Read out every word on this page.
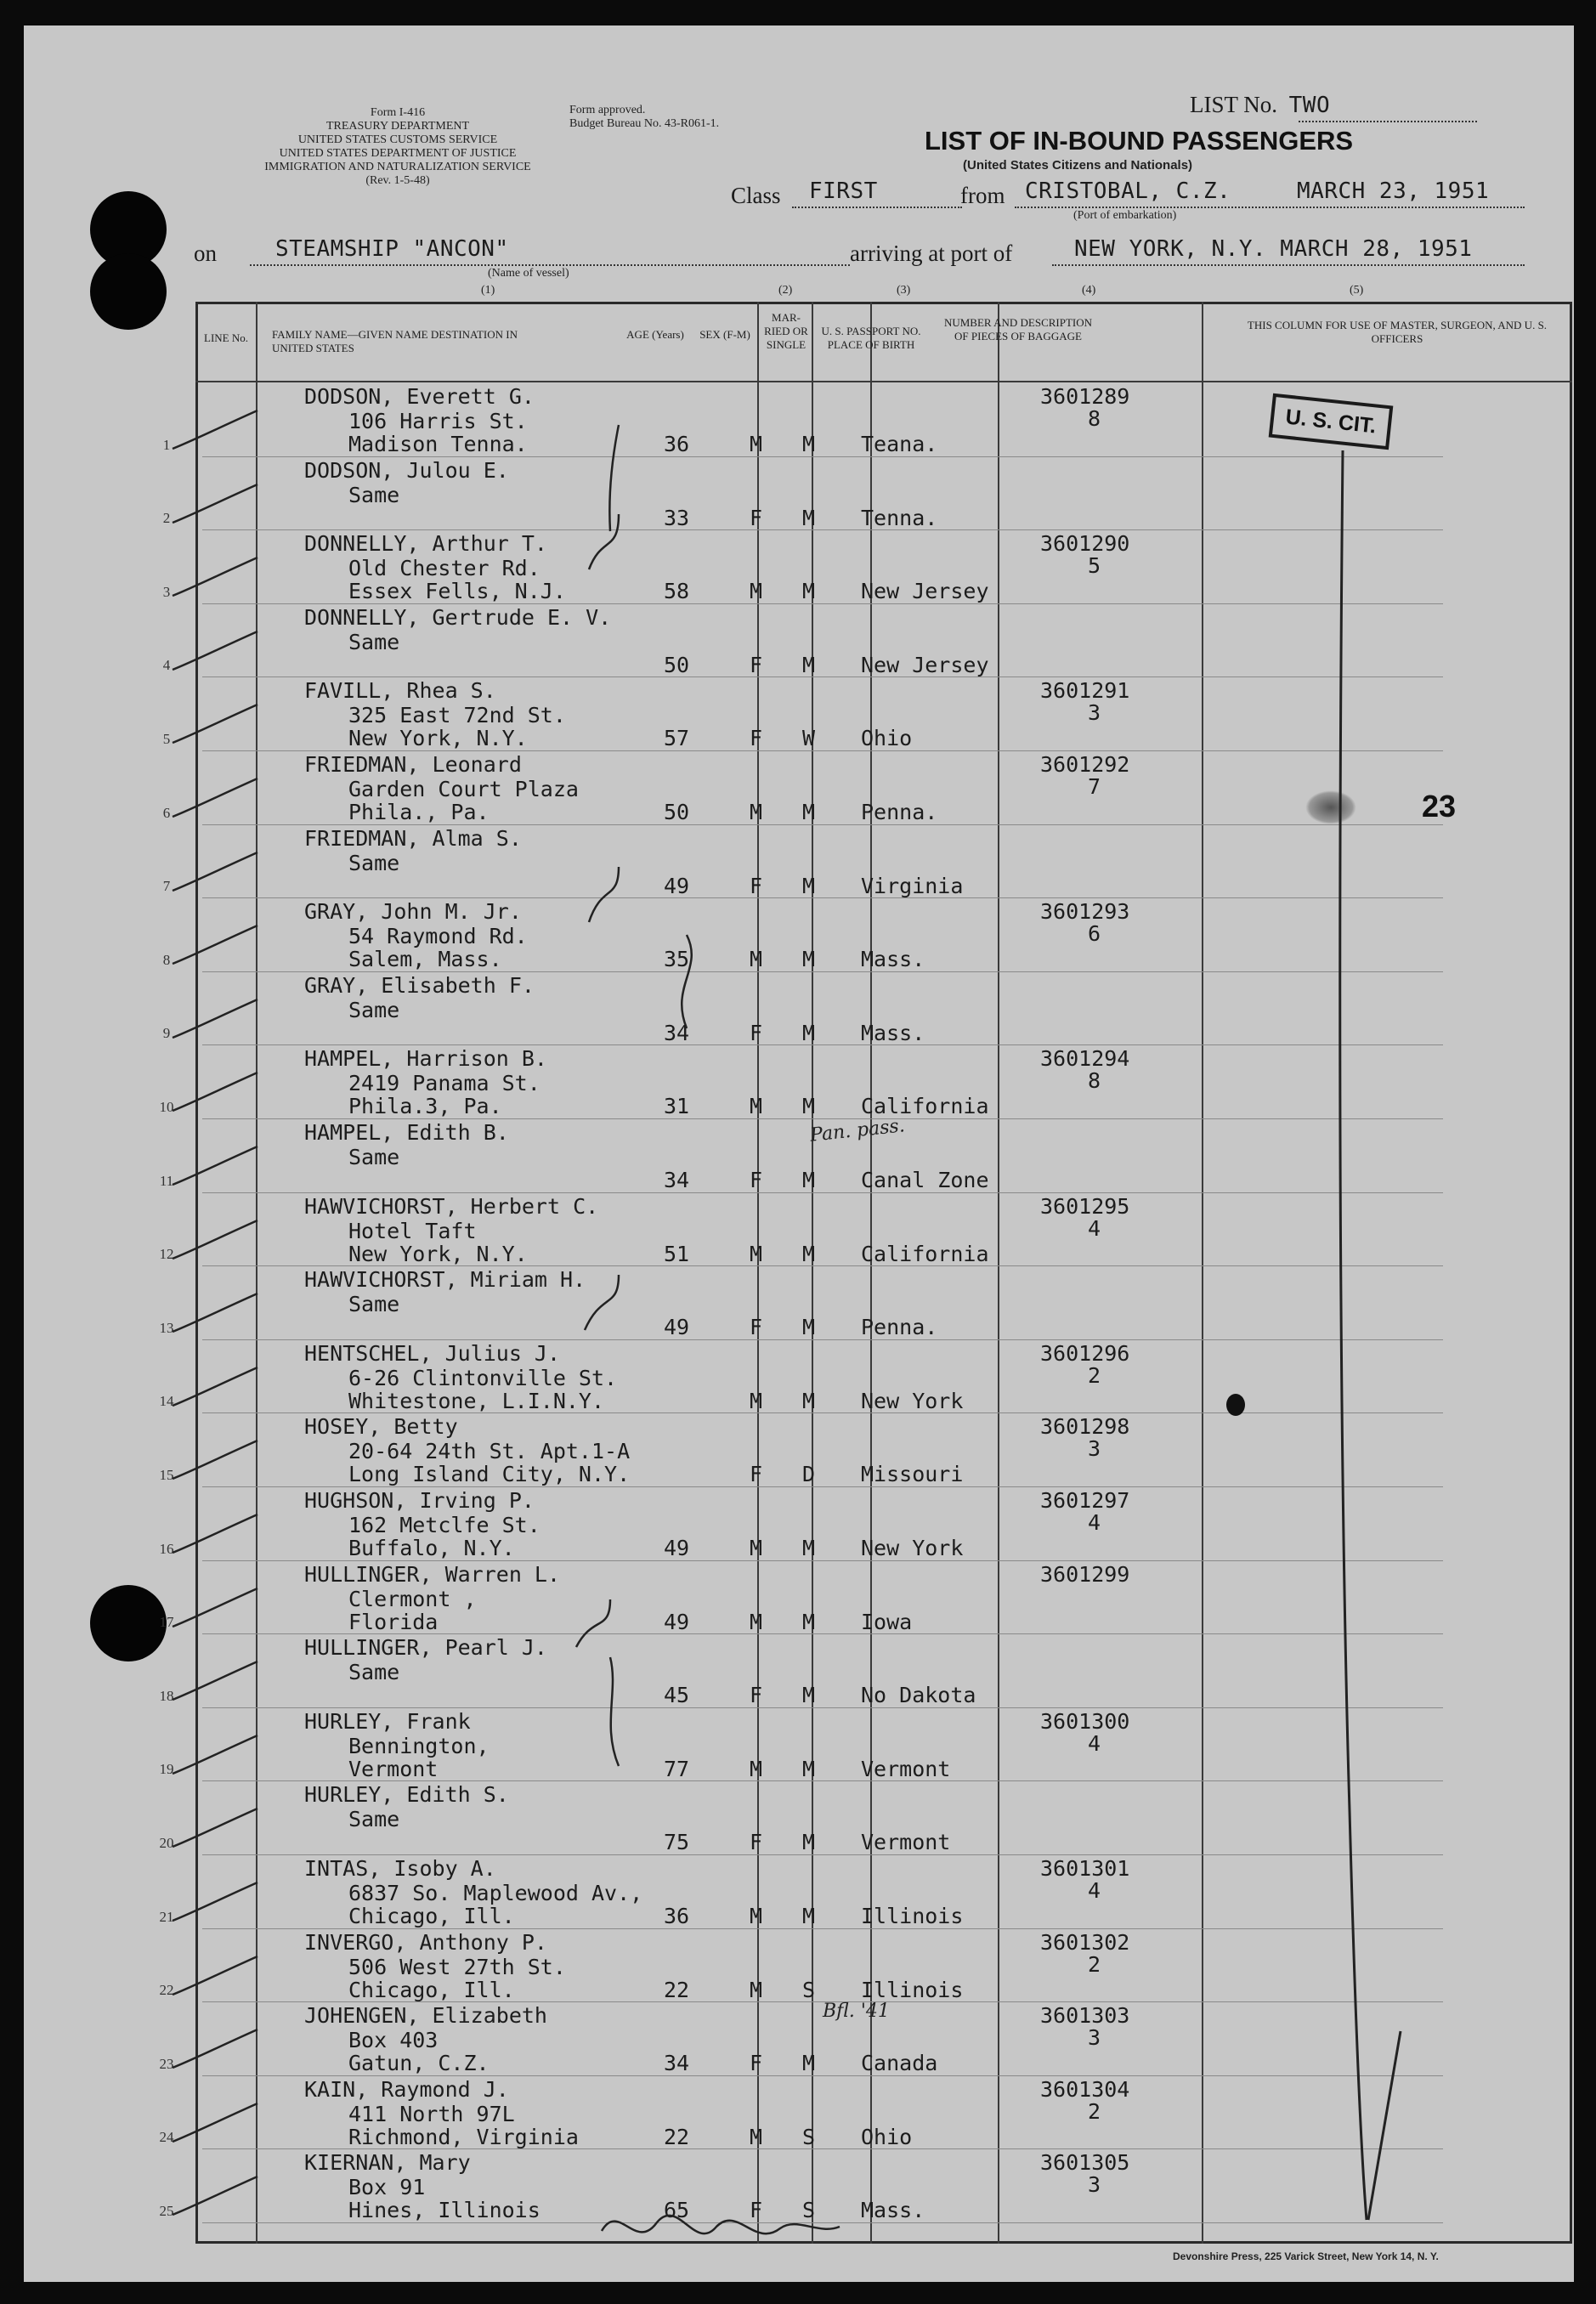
Form I-416
TREASURY DEPARTMENT
UNITED STATES CUSTOMS SERVICE
UNITED STATES DEPARTMENT OF JUSTICE
IMMIGRATION AND NATURALIZATION SERVICE
(Rev. 1-5-48)
Form approved.
Budget Bureau No. 43-R061-1.
LIST No. TWO
LIST OF IN-BOUND PASSENGERS
(United States Citizens and Nationals)
Class FIRST	from CRISTOBAL, C.Z.	MARCH 23, 1951
(Port of embarkation)
on	STEAMSHIP "ANCON"
(Name of vessel)
arriving at port of	NEW YORK, N.Y. MARCH 28, 1951
(1)	(2)	(3)	(4)	(5)
LINE No.	FAMILY NAME—GIVEN NAME DESTINATION IN UNITED STATES
AGE (Years) SEX (F-M)
MAR- RIED OR SINGLE
U. S. PASSPORT NO. PLACE OF BIRTH
NUMBER AND DESCRIPTION OF PIECES OF BAGGAGE
THIS COLUMN FOR USE OF MASTER, SURGEON, AND U. S. OFFICERS
1
DODSON, Everett G.
106 Harris St.
Madison Tenna.	36	M M Teana.
3601289
8
2
DODSON, Julou E.
Same
33	F M Tenna.
3
DONNELLY, Arthur T.
Old Chester Rd.
Essex Fells, N.J.	58	M M New Jersey
3601290
5
4
DONNELLY, Gertrude E. V.
Same
50	F M New Jersey
5
FAVILL, Rhea S.
325 East 72nd St.
New York, N.Y.	57	F W Ohio
3601291
3
6
FRIEDMAN, Leonard
Garden Court Plaza
Phila., Pa.	50	M M Penna.
3601292
7
7
FRIEDMAN, Alma S.
Same
49	F M Virginia
8
GRAY, John M. Jr.
54 Raymond Rd.
Salem, Mass.	35	M M Mass.
3601293
6
9
GRAY, Elisabeth F.
Same
34	F M Mass.
10
HAMPEL, Harrison B.
2419 Panama St.
Phila.3, Pa.	31	M M California
3601294
8
11
HAMPEL, Edith B.
Same
34	F M Canal Zone
12
HAWVICHORST, Herbert C.
Hotel Taft
New York, N.Y.	51	M M California
3601295
4
13
HAWVICHORST, Miriam H.
Same
49	F M Penna.
14
HENTSCHEL, Julius J.
6-26 Clintonville St.
Whitestone, L.I.N.Y.	M M New York
3601296
2
15
HOSEY, Betty
20-64 24th St. Apt.1-A
Long Island City, N.Y.	F D Missouri
3601298
3
16
HUGHSON, Irving P.
162 Metclfe St.
Buffalo, N.Y.	49	M M New York
3601297
4
17
HULLINGER, Warren L.
Clermont ,
Florida	49	M M Iowa
3601299
18
HULLINGER, Pearl J.
Same
45	F M No Dakota
19
HURLEY, Frank
Bennington,
Vermont	77	M M Vermont
3601300
4
20
HURLEY, Edith S.
Same
75	F M Vermont
21
INTAS, Isoby A.
6837 So. Maplewood Av.,
Chicago, Ill.	36	M M Illinois
3601301
4
22
INVERGO, Anthony P.
506 West 27th St.
Chicago, Ill.	22	M S Illinois
3601302
2
23
JOHENGEN, Elizabeth
Box 403
Gatun, C.Z.	34	F M Canada
3601303
3
24
KAIN, Raymond J.
411 North 97L
Richmond, Virginia	22	M S Ohio
3601304
2
25
KIERNAN, Mary
Box 91
Hines, Illinois	65	F S Mass.
3601305
3
U. S. CIT.
23
Pan. pass.
Bfl. '41
Devonshire Press, 225 Varick Street, New York 14, N. Y.
